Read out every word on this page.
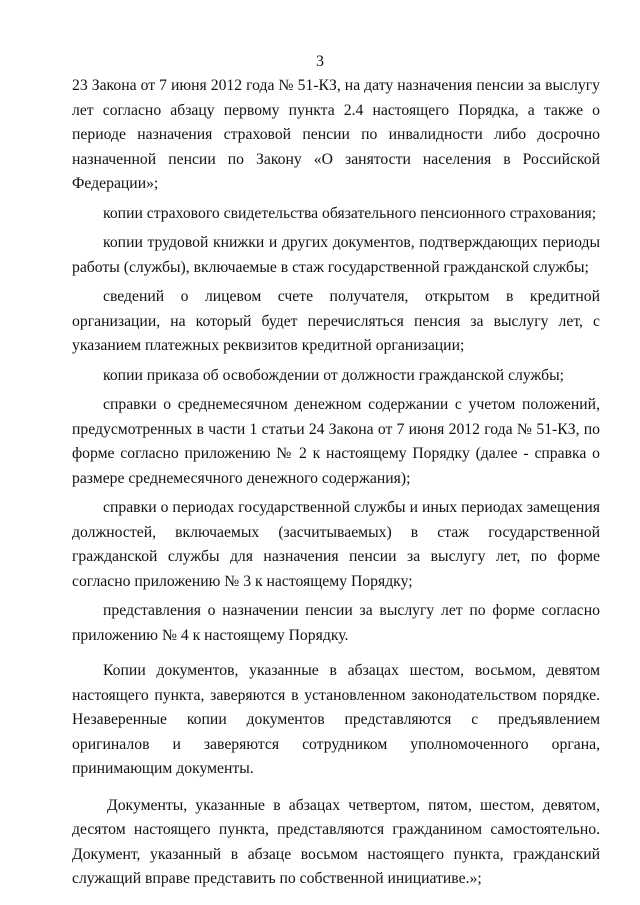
3

23 Закона от 7 июня 2012 года № 51-КЗ, на дату назначения пенсии за выслугу лет согласно абзацу первому пункта 2.4 настоящего Порядка, а также о периоде назначения страховой пенсии по инвалидности либо досрочно назначенной пенсии по Закону «О занятости населения в Российской Федерации»;

копии страхового свидетельства обязательного пенсионного страхования;

копии трудовой книжки и других документов, подтверждающих периоды работы (службы), включаемые в стаж государственной гражданской службы;

сведений о лицевом счете получателя, открытом в кредитной организации, на который будет перечисляться пенсия за выслугу лет, с указанием платежных реквизитов кредитной организации;

копии приказа об освобождении от должности гражданской службы;

справки о среднемесячном денежном содержании с учетом положений, предусмотренных в части 1 статьи 24 Закона от 7 июня 2012 года № 51-КЗ, по форме согласно приложению № 2 к настоящему Порядку (далее - справка о размере среднемесячного денежного содержания);

справки о периодах государственной службы и иных периодах замещения должностей, включаемых (засчитываемых) в стаж государственной гражданской службы для назначения пенсии за выслугу лет, по форме согласно приложению № 3 к настоящему Порядку;

представления о назначении пенсии за выслугу лет по форме согласно приложению № 4 к настоящему Порядку.

Копии документов, указанные в абзацах шестом, восьмом, девятом настоящего пункта, заверяются в установленном законодательством порядке. Незаверенные копии документов представляются с предъявлением оригиналов и заверяются сотрудником уполномоченного органа, принимающим документы.

Документы, указанные в абзацах четвертом, пятом, шестом, девятом, десятом настоящего пункта, представляются гражданином самостоятельно. Документ, указанный в абзаце восьмом настоящего пункта, гражданский служащий вправе представить по собственной инициативе.»;
